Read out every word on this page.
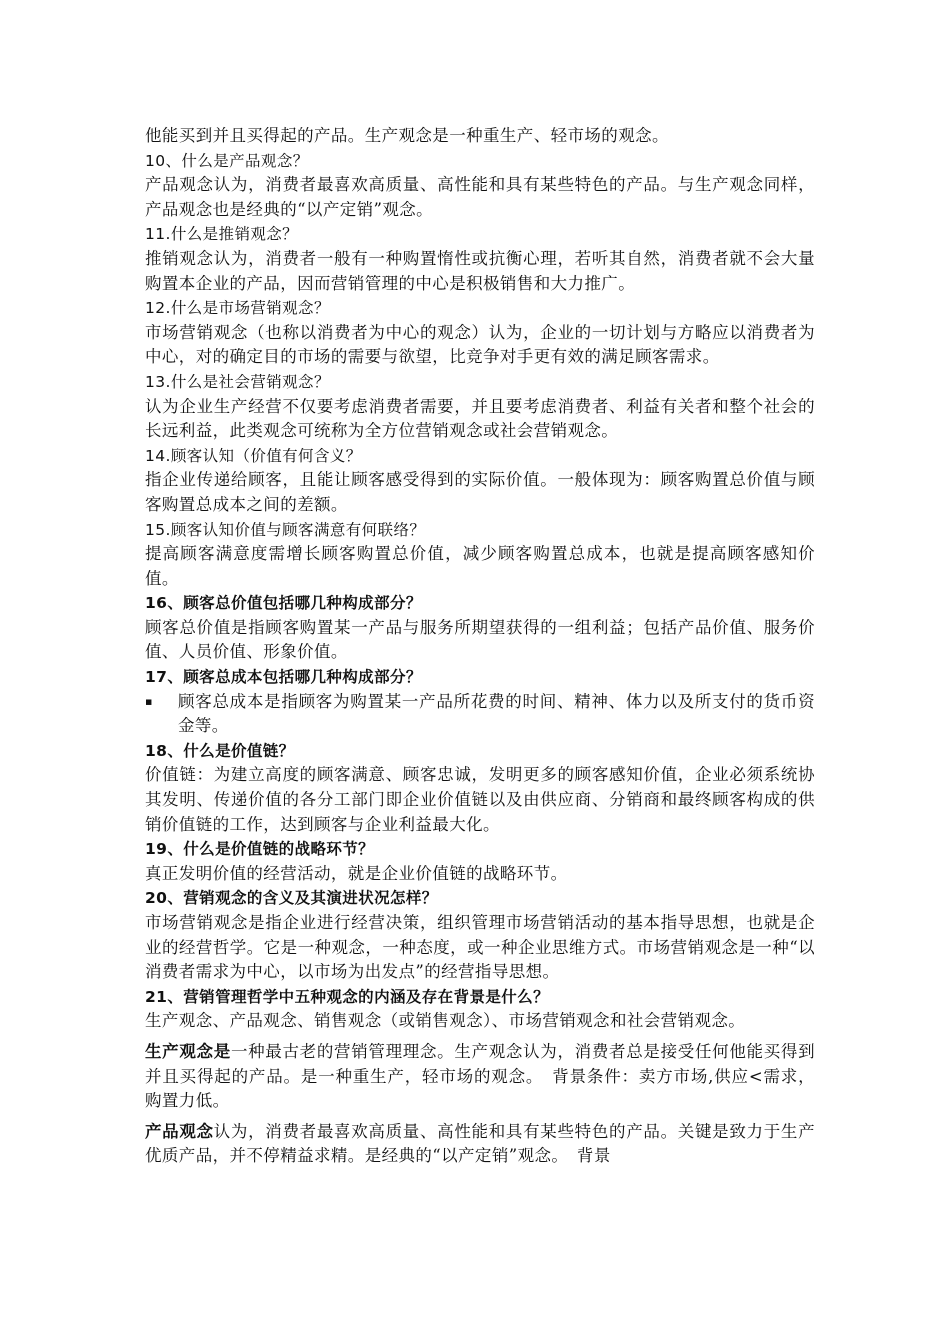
他能买到并且买得起的产品。生产观念是一种重生产、轻市场的观念。

10、什么是产品观念？

产品观念认为，消费者最喜欢高质量、高性能和具有某些特色的产品。与生产观念同样，产品观念也是经典的“以产定销”观念。

11.什么是推销观念？

推销观念认为，消费者一般有一种购置惰性或抗衡心理，若听其自然，消费者就不会大量购置本企业的产品，因而营销管理的中心是积极销售和大力推广。

12.什么是市场营销观念？

市场营销观念（也称以消费者为中心的观念）认为，企业的一切计划与方略应以消费者为中心，对的确定目的市场的需要与欲望，比竞争对手更有效的满足顾客需求。

13.什么是社会营销观念？

认为企业生产经营不仅要考虑消费者需要，并且要考虑消费者、利益有关者和整个社会的长远利益，此类观念可统称为全方位营销观念或社会营销观念。

14.顾客认知（价值有何含义？

指企业传递给顾客，且能让顾客感受得到的实际价值。一般体现为：顾客购置总价值与顾客购置总成本之间的差额。

15.顾客认知价值与顾客满意有何联络？

提高顾客满意度需增长顾客购置总价值，减少顾客购置总成本，也就是提高顾客感知价值。

16、顾客总价值包括哪几种构成部分？

顾客总价值是指顾客购置某一产品与服务所期望获得的一组利益；包括产品价值、服务价值、人员价值、形象价值。

17、顾客总成本包括哪几种构成部分？

▪	顾客总成本是指顾客为购置某一产品所花费的时间、精神、体力以及所支付的货币资金等。

18、什么是价值链？

价值链：为建立高度的顾客满意、顾客忠诚，发明更多的顾客感知价值，企业必须系统协其发明、传递价值的各分工部门即企业价值链以及由供应商、分销商和最终顾客构成的供销价值链的工作，达到顾客与企业利益最大化。

19、什么是价值链的战略环节？

真正发明价值的经营活动，就是企业价值链的战略环节。

20、营销观念的含义及其演进状况怎样？

市场营销观念是指企业进行经营决策，组织管理市场营销活动的基本指导思想，也就是企业的经营哲学。它是一种观念，一种态度，或一种企业思维方式。市场营销观念是一种“以消费者需求为中心，以市场为出发点”的经营指导思想。

21、营销管理哲学中五种观念的内涵及存在背景是什么？

生产观念、产品观念、销售观念（或销售观念）、市场营销观念和社会营销观念。

生产观念是一种最古老的营销管理理念。生产观念认为，消费者总是接受任何他能买得到并且买得起的产品。是一种重生产，轻市场的观念。　背景条件：卖方市场,供应<需求，购置力低。

产品观念认为，消费者最喜欢高质量、高性能和具有某些特色的产品。关键是致力于生产优质产品，并不停精益求精。是经典的“以产定销”观念。　背景
